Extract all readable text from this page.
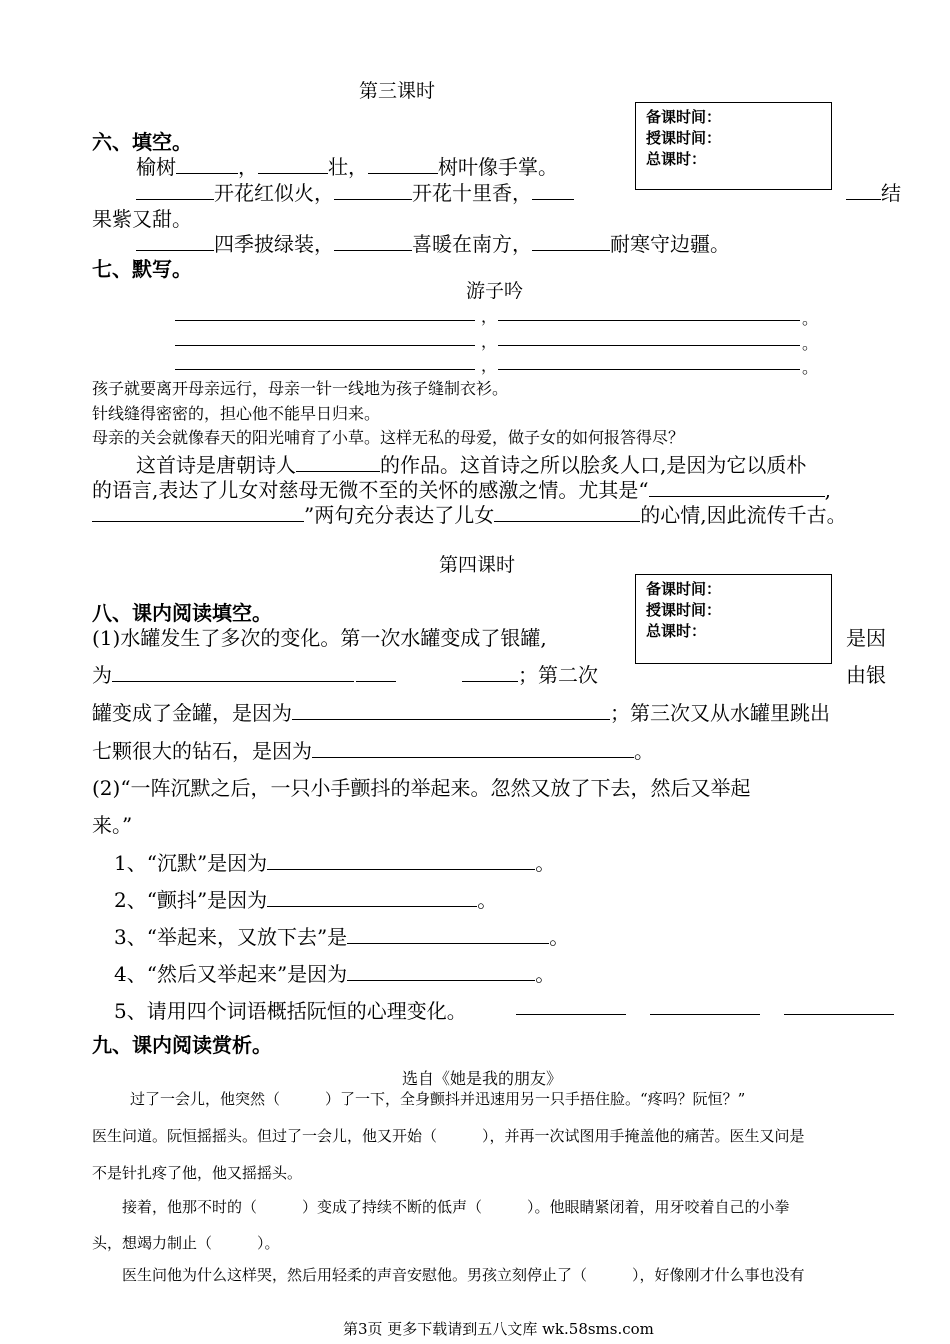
第三课时
备课时间：
授课时间：
总课时：
六、填空。
榆树	，	壮，	树叶像手掌。
开花红似火，	开花十里香，	结
果紫又甜。
四季披绿装，	喜暖在南方，	耐寒守边疆。
七、默写。
游子吟
，	。
，	。
，	。
孩子就要离开母亲远行，母亲一针一线地为孩子缝制衣衫。
针线缝得密密的，担心他不能早日归来。
母亲的关会就像春天的阳光哺育了小草。这样无私的母爱，做子女的如何报答得尽？
这首诗是唐朝诗人	的作品。这首诗之所以脍炙人口,是因为它以质朴
的语言,表达了儿女对慈母无微不至的关怀的感激之情。尤其是“	,
”两句充分表达了儿女	的心情,因此流传千古。
第四课时
备课时间：
授课时间：
总课时：
八、课内阅读填空。
(1)水罐发生了多次的变化。第一次水罐变成了银罐,	是因
为	；第二次	由银
罐变成了金罐，是因为	；第三次又从水罐里跳出
七颗很大的钻石，是因为	。
(2)“一阵沉默之后，一只小手颤抖的举起来。忽然又放了下去，然后又举起
来。”
1、“沉默”是因为	。
2、“颤抖”是因为	。
3、“举起来，又放下去”是	。
4、“然后又举起来”是因为	。
5、请用四个词语概括阮恒的心理变化。
九、课内阅读赏析。
选自《她是我的朋友》
过了一会儿，他突然（　　　）了一下，全身颤抖并迅速用另一只手捂住脸。“疼吗？阮恒？”
医生问道。阮恒摇摇头。但过了一会儿，他又开始（　　　），并再一次试图用手掩盖他的痛苦。医生又问是
不是针扎疼了他，他又摇摇头。
接着，他那不时的（　　　）变成了持续不断的低声（　　　）。他眼睛紧闭着，用牙咬着自己的小拳
头，想竭力制止（　　　）。
医生问他为什么这样哭，然后用轻柔的声音安慰他。男孩立刻停止了（　　　），好像刚才什么事也没有
第3页 更多下载请到五八文库 wk.58sms.com
